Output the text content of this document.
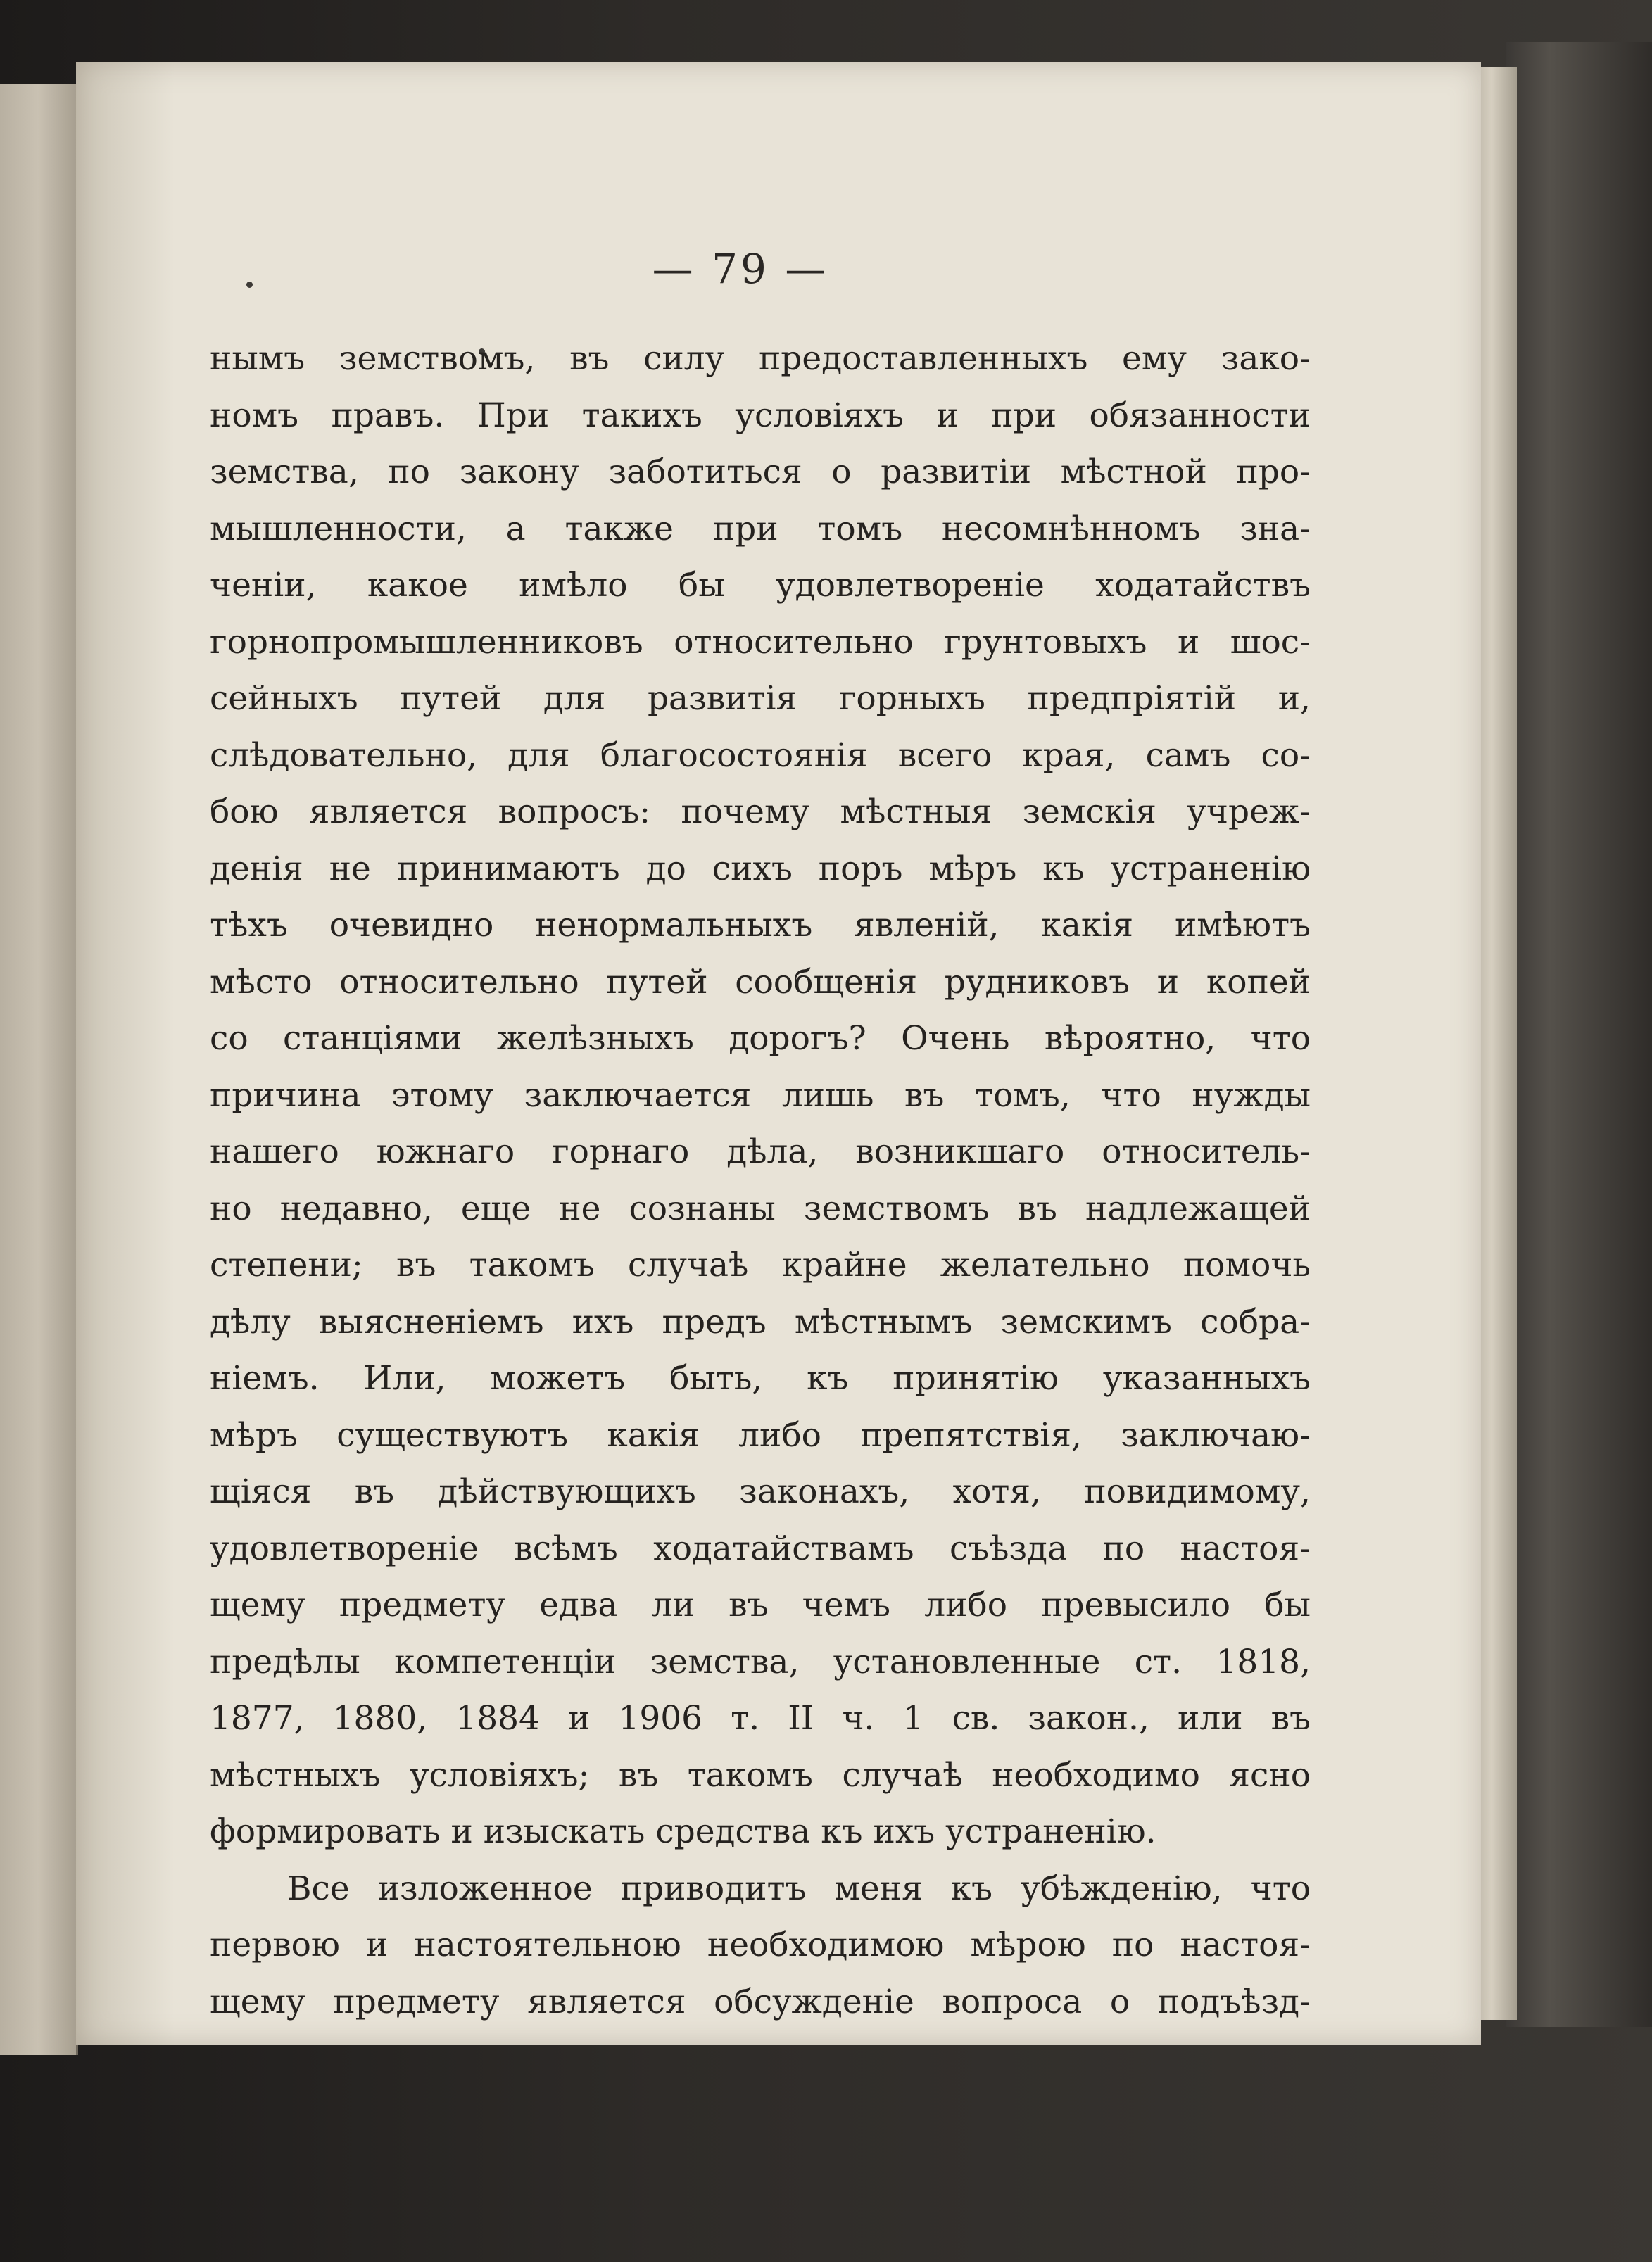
— 79 —
нымъ земствомъ, въ силу предоставленныхъ ему зако-
номъ правъ. При такихъ условіяхъ и при обязанности
земства, по закону заботиться о развитіи мѣстной про-
мышленности, а также при томъ несомнѣнномъ зна-
ченіи, какое имѣло бы удовлетвореніе ходатайствъ
горнопромышленниковъ относительно грунтовыхъ и шос-
сейныхъ путей для развитія горныхъ предпріятій и,
слѣдовательно, для благосостоянія всего края, самъ со-
бою является вопросъ: почему мѣстныя земскія учреж-
денія не принимаютъ до сихъ поръ мѣръ къ устраненію
тѣхъ очевидно ненормальныхъ явленій, какія имѣютъ
мѣсто относительно путей сообщенія рудниковъ и копей
со станціями желѣзныхъ дорогъ? Очень вѣроятно, что
причина этому заключается лишь въ томъ, что нужды
нашего южнаго горнаго дѣла, возникшаго относитель-
но недавно, еще не сознаны земствомъ въ надлежащей
степени; въ такомъ случаѣ крайне желательно помочь
дѣлу выясненіемъ ихъ предъ мѣстнымъ земскимъ собра-
ніемъ. Или, можетъ быть, къ принятію указанныхъ
мѣръ существуютъ какія либо препятствія, заключаю-
щіяся въ дѣйствующихъ законахъ, хотя, повидимому,
удовлетвореніе всѣмъ ходатайствамъ съѣзда по настоя-
щему предмету едва ли въ чемъ либо превысило бы
предѣлы компетенціи земства, установленные ст. 1818,
1877, 1880, 1884 и 1906 т. II ч. 1 св. закон., или въ
мѣстныхъ условіяхъ; въ такомъ случаѣ необходимо ясно
формировать и изыскать средства къ ихъ устраненію.
Все изложенное приводитъ меня къ убѣжденію, что
первою и настоятельною необходимою мѣрою по настоя-
щему предмету является обсужденіе вопроса о подъѣзд-
